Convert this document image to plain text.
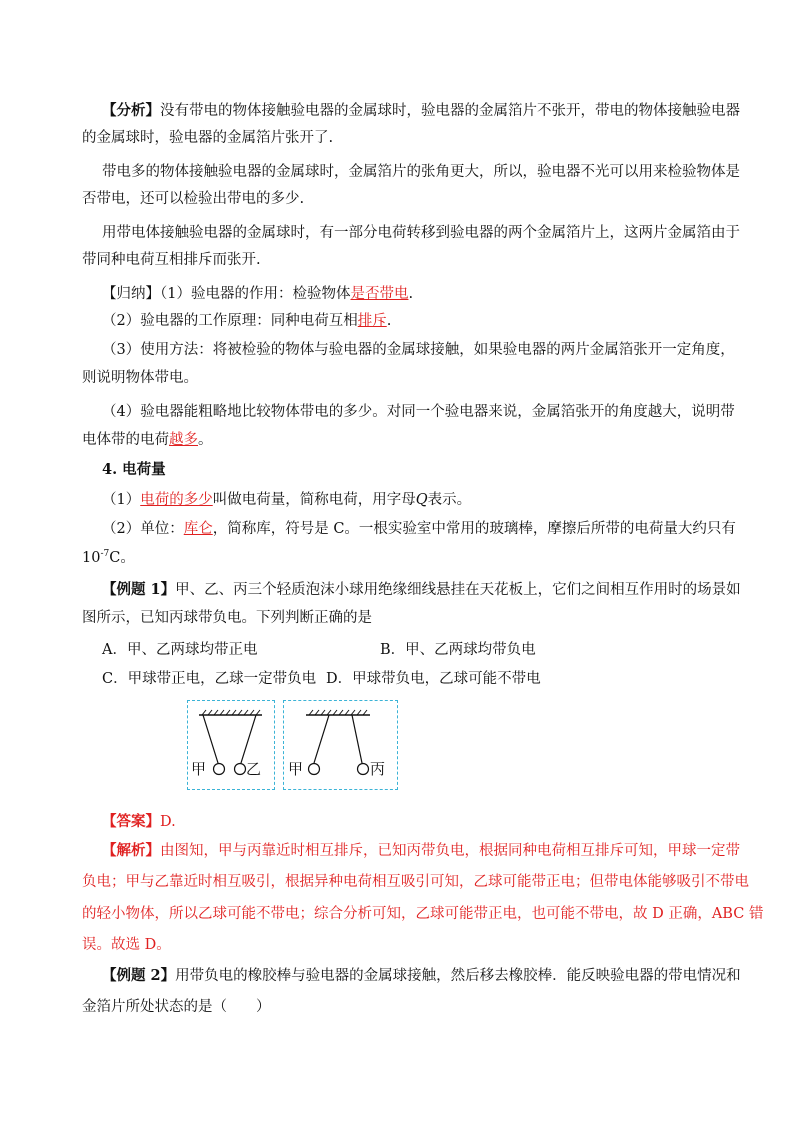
【分析】没有带电的物体接触验电器的金属球时，验电器的金属箔片不张开，带电的物体接触验电器
的金属球时，验电器的金属箔片张开了.
带电多的物体接触验电器的金属球时，金属箔片的张角更大，所以，验电器不光可以用来检验物体是
否带电，还可以检验出带电的多少.
用带电体接触验电器的金属球时，有一部分电荷转移到验电器的两个金属箔片上，这两片金属箔由于
带同种电荷互相排斥而张开.
【归纳】（1）验电器的作用：检验物体是否带电.
（2）验电器的工作原理：同种电荷互相排斥.
（3）使用方法：将被检验的物体与验电器的金属球接触，如果验电器的两片金属箔张开一定角度，
则说明物体带电。
（4）验电器能粗略地比较物体带电的多少。对同一个验电器来说，金属箔张开的角度越大，说明带
电体带的电荷越多。
4. 电荷量
（1）电荷的多少叫做电荷量，简称电荷，用字母Q表示。
（2）单位：库仑，简称库，符号是 C。一根实验室中常用的玻璃棒，摩擦后所带的电荷量大约只有
$10^{-7}C$。
【例题 1】甲、乙、丙三个轻质泡沫小球用绝缘细线悬挂在天花板上，它们之间相互作用时的场景如
图所示，已知丙球带负电。下列判断正确的是
A．甲、乙两球均带正电	B．甲、乙两球均带负电
C．甲球带正电，乙球一定带负电 D．甲球带负电，乙球可能不带电
甲	乙 甲	丙
【答案】D.
【解析】由图知，甲与丙靠近时相互排斥，已知丙带负电，根据同种电荷相互排斥可知，甲球一定带
负电；甲与乙靠近时相互吸引，根据异种电荷相互吸引可知，乙球可能带正电；但带电体能够吸引不带电
的轻小物体，所以乙球可能不带电；综合分析可知，乙球可能带正电，也可能不带电，故 D 正确，ABC 错
误。故选 D。
【例题 2】用带负电的橡胶棒与验电器的金属球接触，然后移去橡胶棒．能反映验电器的带电情况和
金箔片所处状态的是（　　）
